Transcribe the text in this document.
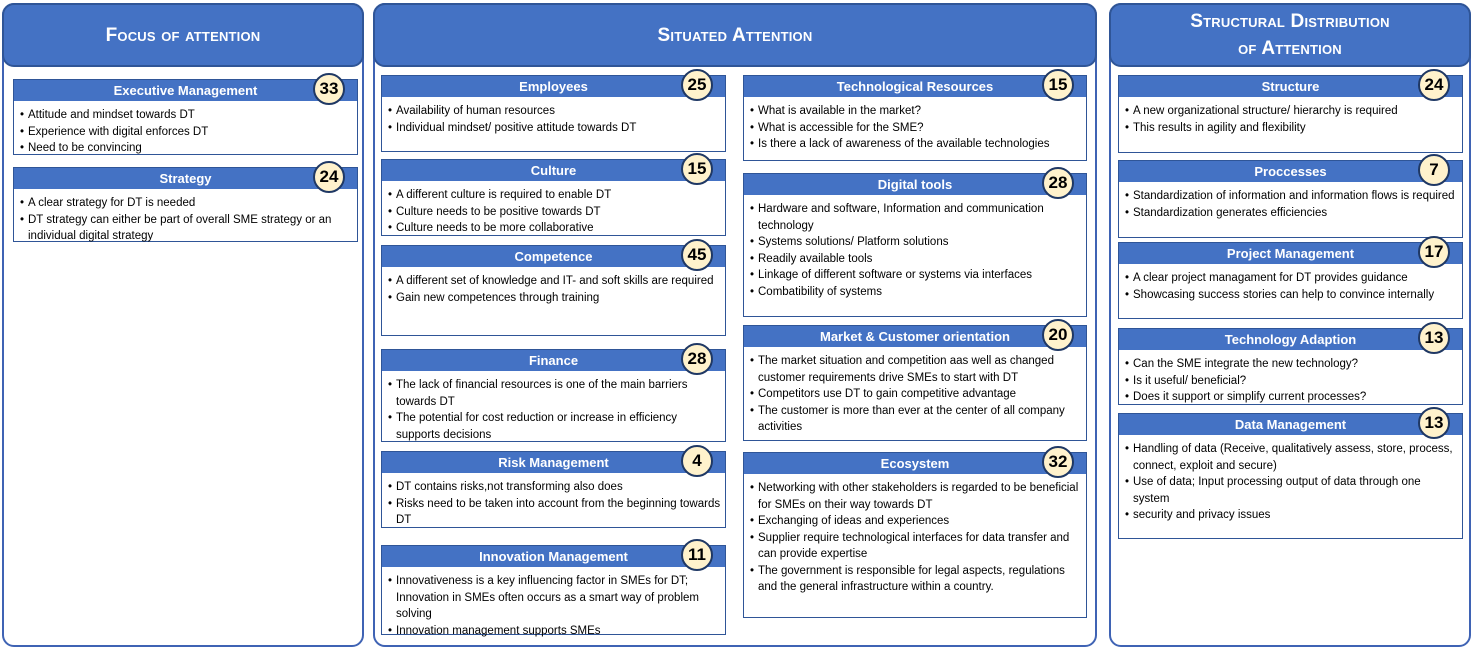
Focus of attention
Executive Management	33
• Attitude and mindset towards DT
• Experience with digital enforces DT
• Need to be convincing
Strategy	24
• A clear strategy for DT is needed
• DT strategy can either be part of overall SME strategy or an individual digital strategy
Situated Attention
Employees	25
• Availability of human resources
• Individual mindset/ positive attitude towards DT
Culture	15
• A different culture is required to enable DT
• Culture needs to be positive towards DT
• Culture needs to be more collaborative
Competence	45
• A different set of knowledge and IT- and soft skills are required
• Gain new competences through training
Finance	28
• The lack of financial resources is one of the main barriers towards DT
• The potential for cost reduction or increase in efficiency supports decisions
Risk Management	4
• DT contains risks,not transforming also does
• Risks need to be taken into account from the beginning towards DT
Innovation Management	11
• Innovativeness is a key influencing factor in SMEs for DT; Innovation in SMEs often occurs as a smart way of problem solving
• Innovation management supports SMEs
Technological Resources	15
• What is available in the market?
• What is accessible for the SME?
• Is there a lack of awareness of the available technologies
Digital tools	28
• Hardware and software, Information and communication technology
• Systems solutions/ Platform solutions
• Readily available tools
• Linkage of different software or systems via interfaces
• Combatibility of systems
Market & Customer orientation	20
• The market situation and competition aas well as changed customer requirements drive SMEs to start with DT
• Competitors use DT to gain competitive advantage
• The customer is more than ever at the center of all company activities
Ecosystem	32
• Networking with other stakeholders is regarded to be beneficial for SMEs on their way towards DT
• Exchanging of ideas and experiences
• Supplier require technological interfaces for data transfer and can provide expertise
• The government is responsible for legal aspects, regulations and the general infrastructure within a country.
Structural Distribution
of Attention
Structure	24
• A new organizational structure/ hierarchy is required
• This results in agility and flexibility
Proccesses	7
• Standardization of information and information flows is required
• Standardization generates efficiencies
Project Management	17
• A clear project managament for DT provides guidance
• Showcasing success stories can help to convince internally
Technology Adaption	13
• Can the SME integrate the new technology?
• Is it useful/ beneficial?
• Does it support or simplify current processes?
Data Management	13
• Handling of data (Receive, qualitatively assess, store, process, connect, exploit and secure)
• Use of data; Input processing output of data through one system
• security and privacy issues
